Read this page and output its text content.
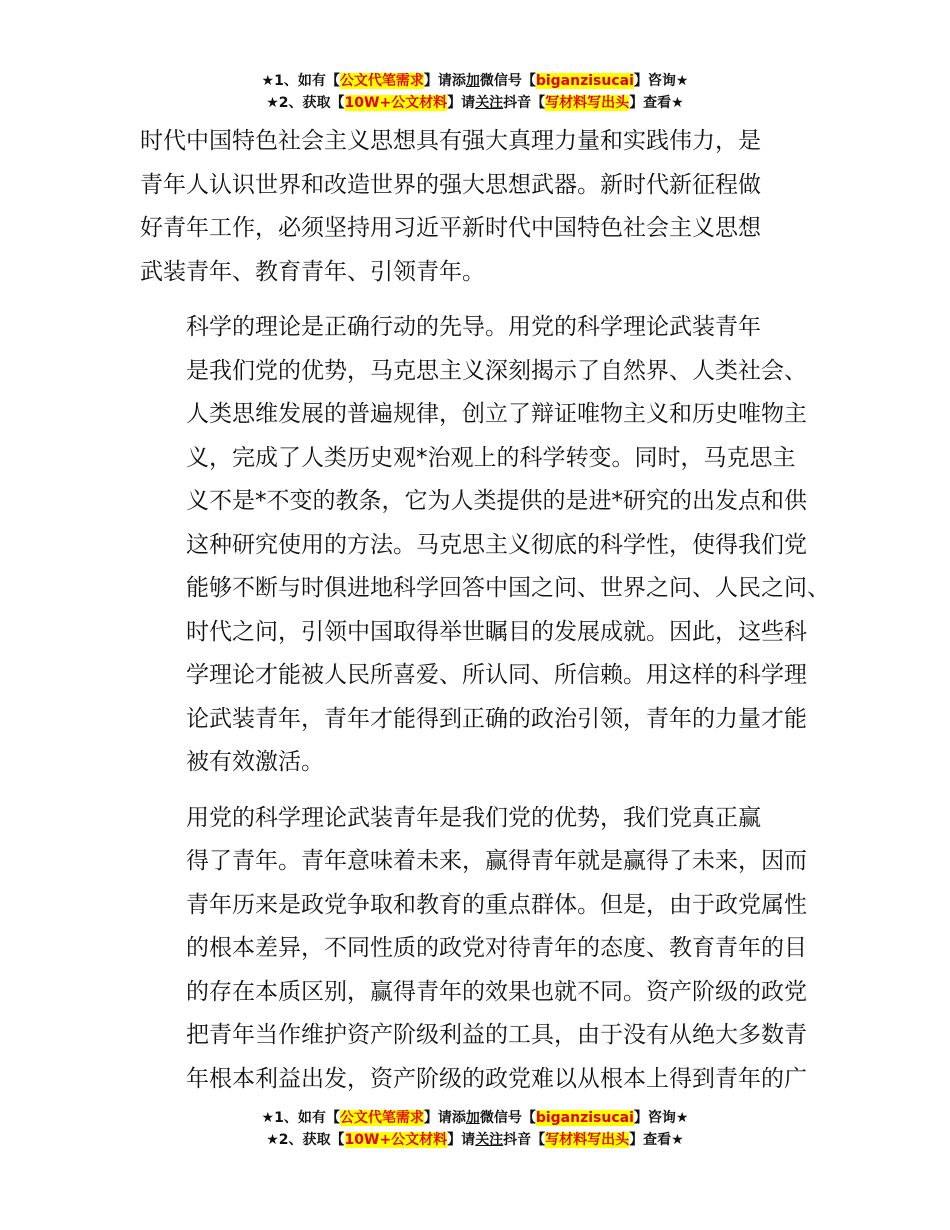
★1、如有【公文代笔需求】请添加微信号【biganzisucai】咨询★
★2、获取【10W+公文材料】请关注抖音【写材料写出头】查看★

时代中国特色社会主义思想具有强大真理力量和实践伟力，是
青年人认识世界和改造世界的强大思想武器。新时代新征程做
好青年工作，必须坚持用习近平新时代中国特色社会主义思想
武装青年、教育青年、引领青年。

科学的理论是正确行动的先导。用党的科学理论武装青年
是我们党的优势，马克思主义深刻揭示了自然界、人类社会、
人类思维发展的普遍规律，创立了辩证唯物主义和历史唯物主
义，完成了人类历史观*治观上的科学转变。同时，马克思主
义不是*不变的教条，它为人类提供的是进*研究的出发点和供
这种研究使用的方法。马克思主义彻底的科学性，使得我们党
能够不断与时俱进地科学回答中国之问、世界之问、人民之问、
时代之问，引领中国取得举世瞩目的发展成就。因此，这些科
学理论才能被人民所喜爱、所认同、所信赖。用这样的科学理
论武装青年，青年才能得到正确的政治引领，青年的力量才能
被有效激活。

用党的科学理论武装青年是我们党的优势，我们党真正赢
得了青年。青年意味着未来，赢得青年就是赢得了未来，因而
青年历来是政党争取和教育的重点群体。但是，由于政党属性
的根本差异，不同性质的政党对待青年的态度、教育青年的目
的存在本质区别，赢得青年的效果也就不同。资产阶级的政党
把青年当作维护资产阶级利益的工具，由于没有从绝大多数青
年根本利益出发，资产阶级的政党难以从根本上得到青年的广

★1、如有【公文代笔需求】请添加微信号【biganzisucai】咨询★
★2、获取【10W+公文材料】请关注抖音【写材料写出头】查看★
